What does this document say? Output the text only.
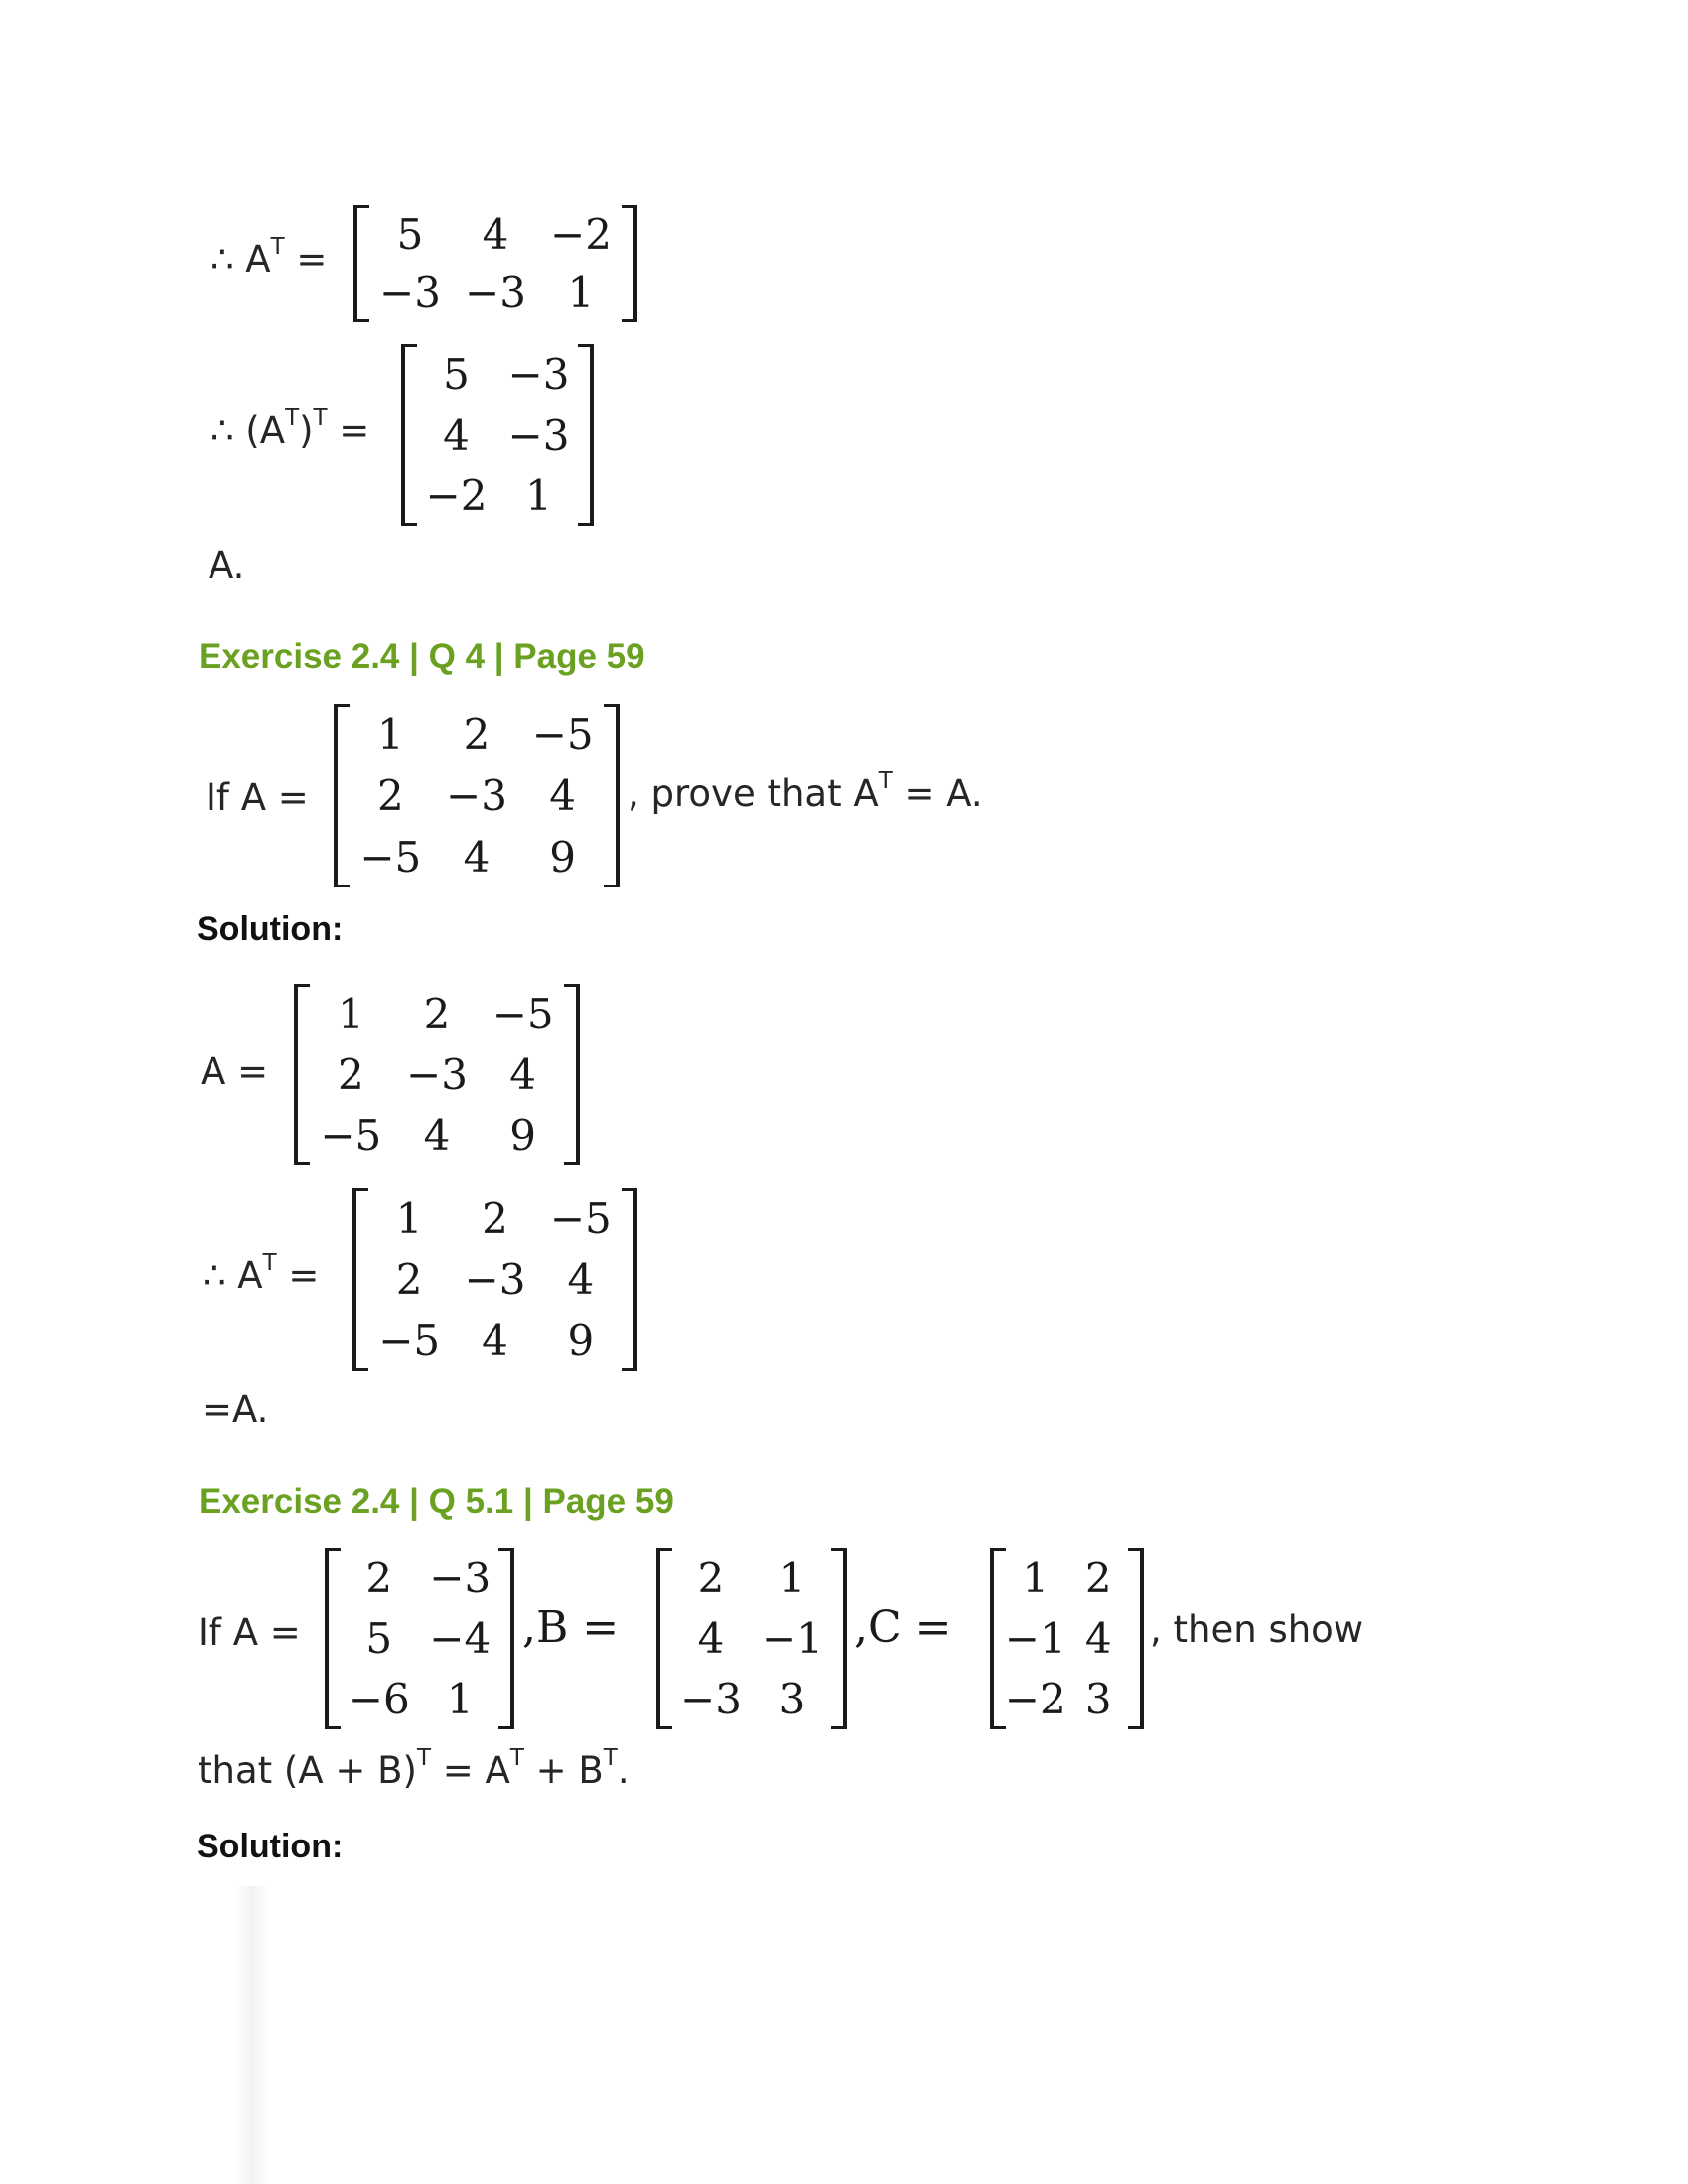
∴ $A^T$ =
5 4 −2
−3 −3 1
∴ $(A^T)^T$ =
5 −3
4 −3
−2 1
A.
Exercise 2.4 | Q 4 | Page 59
If A =
1 2 −5
2 −3 4
−5 4 9
, prove that $A^T = A$.
Solution:
A =
1 2 −5
2 −3 4
−5 4 9
∴ $A^T$ =
1 2 −5
2 −3 4
−5 4 9
=A.
Exercise 2.4 | Q 5.1 | Page 59
If A =
2 −3
5 −4
−6 1
,B =
2 1
4 −1
−3 3
,C =
1 2
−1 4
−2 3
, then show
that $(A + B)^T = A^T + B^T$.
Solution:
